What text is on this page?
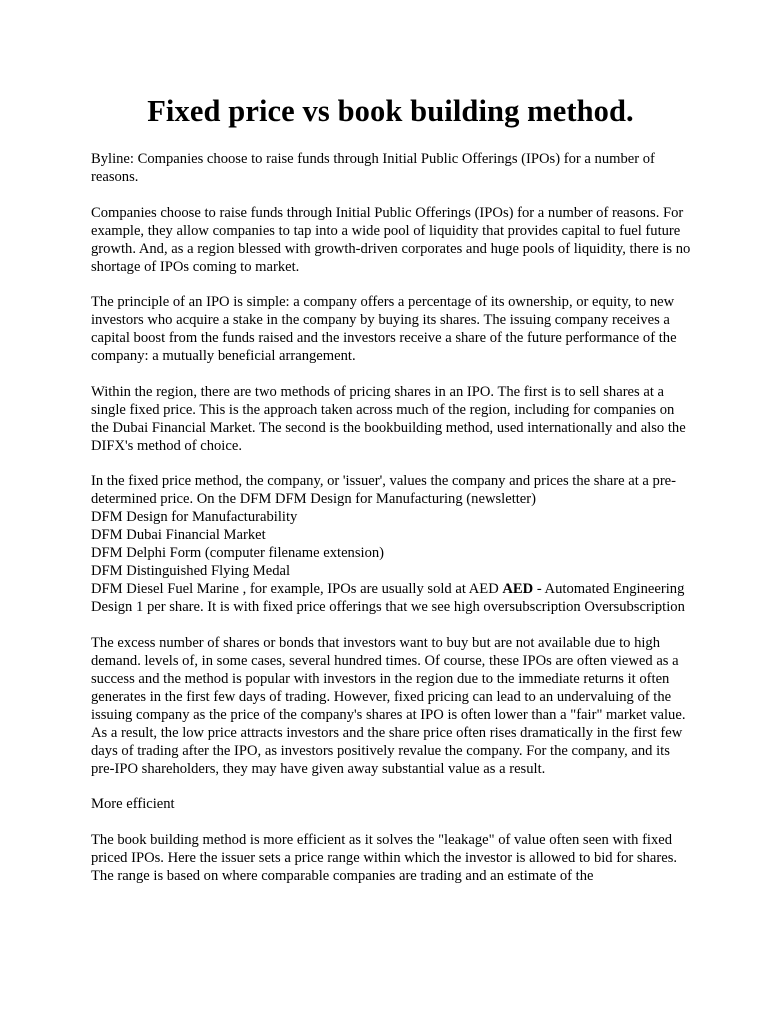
Fixed price vs book building method.

Byline: Companies choose to raise funds through Initial Public Offerings (IPOs) for a number of reasons.

Companies choose to raise funds through Initial Public Offerings (IPOs) for a number of reasons. For example, they allow companies to tap into a wide pool of liquidity that provides capital to fuel future growth. And, as a region blessed with growth-driven corporates and huge pools of liquidity, there is no shortage of IPOs coming to market.

The principle of an IPO is simple: a company offers a percentage of its ownership, or equity, to new investors who acquire a stake in the company by buying its shares. The issuing company receives a capital boost from the funds raised and the investors receive a share of the future performance of the company: a mutually beneficial arrangement.

Within the region, there are two methods of pricing shares in an IPO. The first is to sell shares at a single fixed price. This is the approach taken across much of the region, including for companies on the Dubai Financial Market. The second is the bookbuilding method, used internationally and also the DIFX's method of choice.

In the fixed price method, the company, or 'issuer', values the company and prices the share at a pre-determined price. On the DFM DFM Design for Manufacturing (newsletter)
DFM Design for Manufacturability
DFM Dubai Financial Market
DFM Delphi Form (computer filename extension)
DFM Distinguished Flying Medal
DFM Diesel Fuel Marine , for example, IPOs are usually sold at AED AED - Automated Engineering Design 1 per share. It is with fixed price offerings that we see high oversubscription Oversubscription

The excess number of shares or bonds that investors want to buy but are not available due to high demand. levels of, in some cases, several hundred times. Of course, these IPOs are often viewed as a success and the method is popular with investors in the region due to the immediate returns it often generates in the first few days of trading. However, fixed pricing can lead to an undervaluing of the issuing company as the price of the company's shares at IPO is often lower than a "fair" market value. As a result, the low price attracts investors and the share price often rises dramatically in the first few days of trading after the IPO, as investors positively revalue the company. For the company, and its pre-IPO shareholders, they may have given away substantial value as a result.

More efficient

The book building method is more efficient as it solves the "leakage" of value often seen with fixed priced IPOs. Here the issuer sets a price range within which the investor is allowed to bid for shares. The range is based on where comparable companies are trading and an estimate of the
